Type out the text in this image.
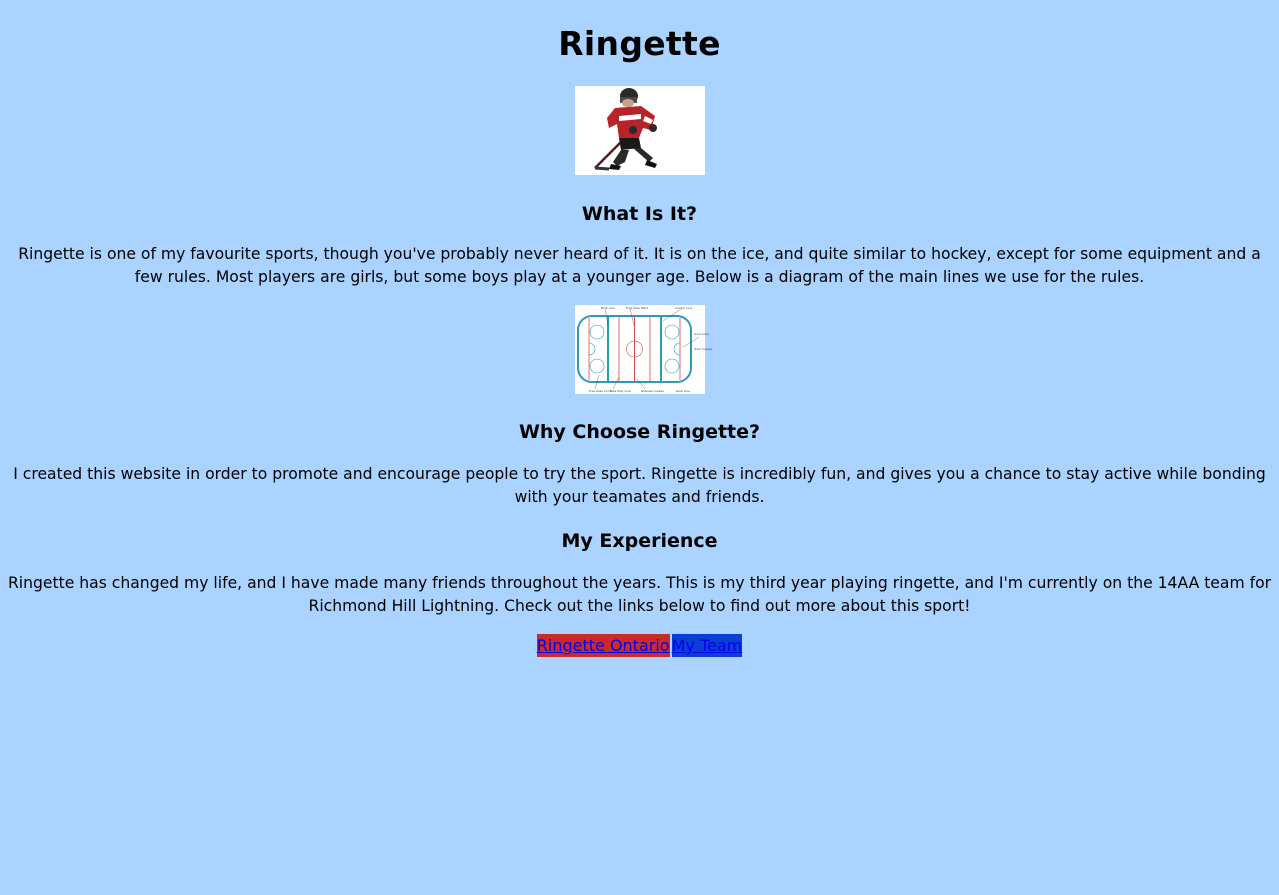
Ringette
What Is It?

Ringette is one of my favourite sports, though you've probably never heard of it. It is on the ice, and quite similar to hockey, except for some equipment and a few rules. Most players are girls, but some boys play at a younger age. Below is a diagram of the main lines we use for the rules.

Blue Line	Free Pass Mark	Centre Line
Goal Area
Goal Crease
Free Pass Circle
Free Play Line	Referee Crease	Goal Line
Why Choose Ringette?

I created this website in order to promote and encourage people to try the sport. Ringette is incredibly fun, and gives you a chance to stay active while bonding with your teamates and friends.

My Experience

Ringette has changed my life, and I have made many friends throughout the years. This is my third year playing ringette, and I'm currently on the 14AA team for Richmond Hill Lightning. Check out the links below to find out more about this sport!

Ringette Ontario My Team
